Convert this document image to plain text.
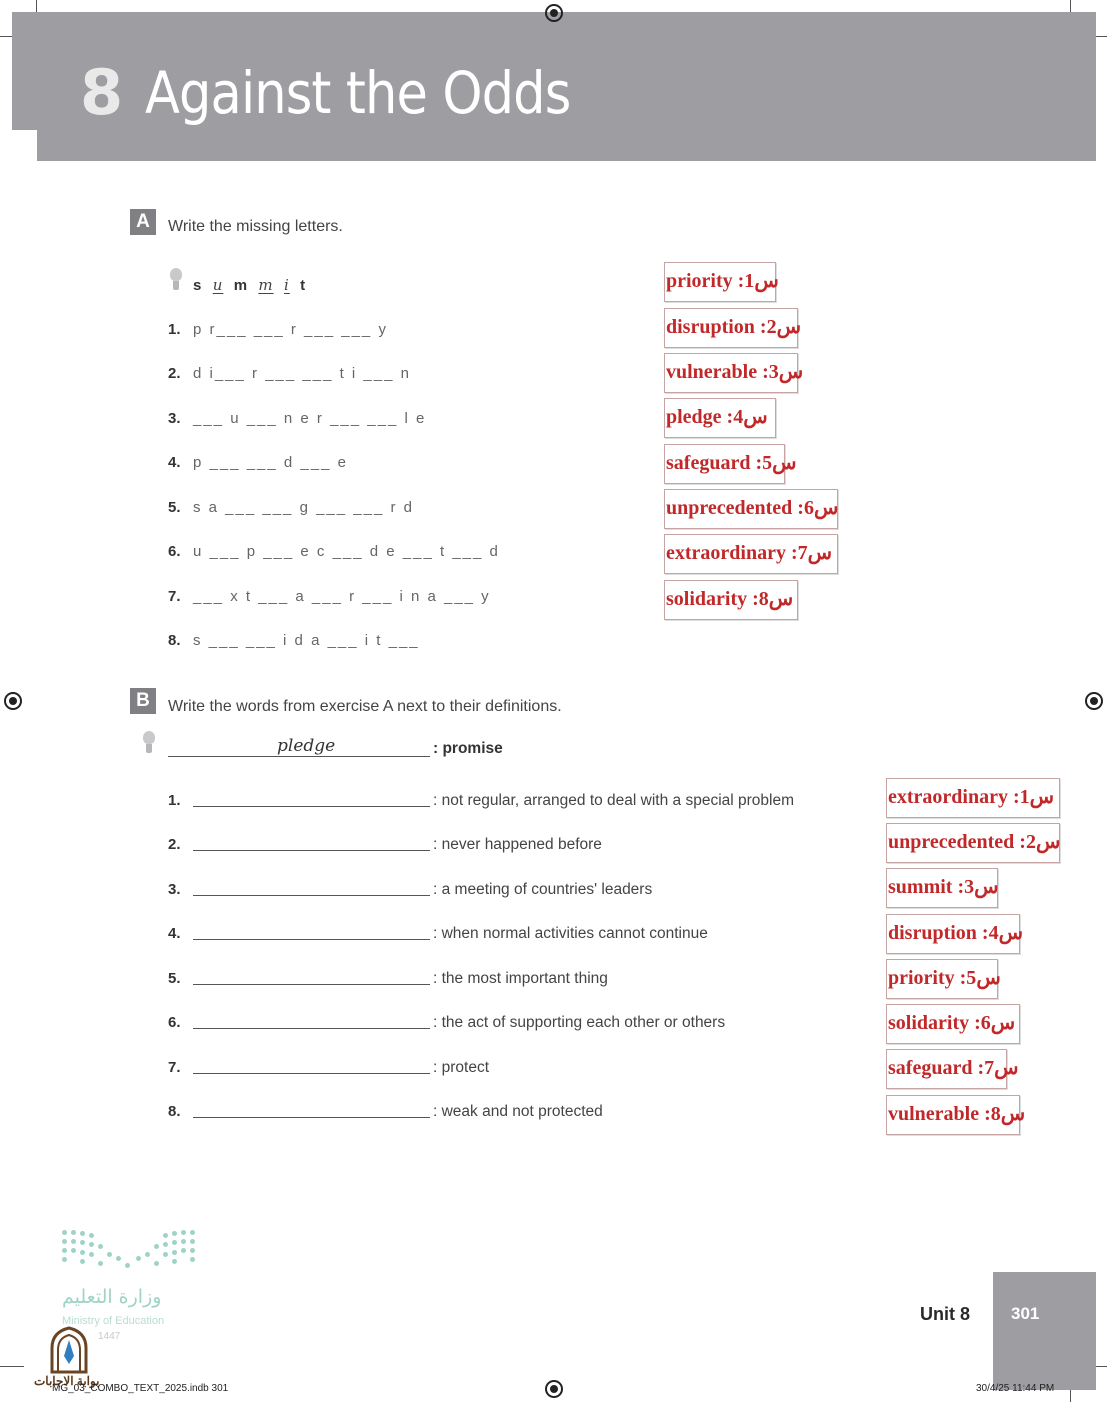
8 Against the Odds
A	Write the missing letters.
s u m m i t
1. p r___ ___ r ___ ___ y
2. d i___ r ___ ___ t i ___ n
3. ___ u ___ n e r ___ ___ l e
4. p ___ ___ d ___ e
5. s a ___ ___ g ___ ___ r d
6. u ___ p ___ e c ___ d e ___ t ___ d
7. ___ x t ___ a ___ r ___ i n a ___ y
8. s ___ ___ i d a ___ i t ___
priority :1س
disruption :2س
vulnerable :3س
pledge :4س
safeguard :5س
unprecedented :6س
extraordinary :7س
solidarity :8س
B	Write the words from exercise A next to their definitions.
pledge	: promise
1.	: not regular, arranged to deal with a special problem
2.	: never happened before
3.	: a meeting of countries' leaders
4.	: when normal activities cannot continue
5.	: the most important thing
6.	: the act of supporting each other or others
7.	: protect
8.	: weak and not protected
extraordinary :1س
unprecedented :2س
summit :3س
disruption :4س
priority :5س
solidarity :6س
safeguard :7س
vulnerable :8س
وزارة التعليم
Ministry of Education
1447
بوابة الاجابات
Unit 8 301
MG_03_COMBO_TEXT_2025.indb 301	30/4/25 11:44 PM
